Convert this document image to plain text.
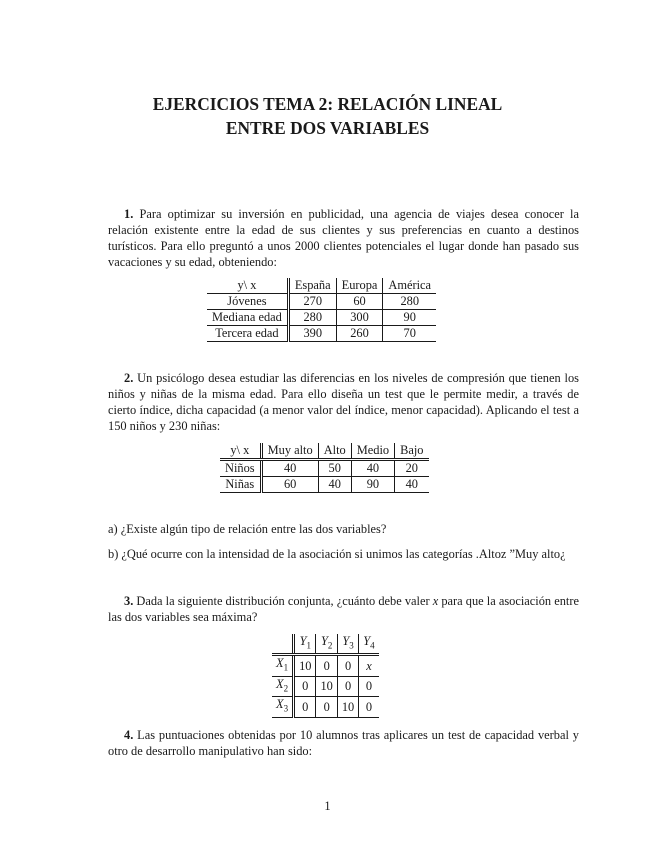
EJERCICIOS TEMA 2: RELACIÓN LINEAL
ENTRE DOS VARIABLES
1. Para optimizar su inversión en publicidad, una agencia de viajes desea conocer la relación existente entre la edad de sus clientes y sus preferencias en cuanto a destinos turísticos. Para ello preguntó a unos 2000 clientes potenciales el lugar donde han pasado sus vacaciones y su edad, obteniendo:
y\ x	España	Europa	América
Jóvenes	270	60	280
Mediana edad	280	300	90
Tercera edad	390	260	70
2. Un psicólogo desea estudiar las diferencias en los niveles de compresión que tienen los niños y niñas de la misma edad. Para ello diseña un test que le permite medir, a través de cierto índice, dicha capacidad (a menor valor del índice, menor capacidad). Aplicando el test a 150 niños y 230 niñas:
y\ x	Muy alto	Alto	Medio	Bajo
Niños	40	50	40	20
Niñas	60	40	90	40
a) ¿Existe algún tipo de relación entre las dos variables?
b) ¿Qué ocurre con la intensidad de la asociación si unimos las categorías .Altoz ”Muy alto¿
3. Dada la siguiente distribución conjunta, ¿cuánto debe valer x para que la asociación entre las dos variables sea máxima?
	$Y_1$	$Y_2$	$Y_3$	$Y_4$
$X_1$	10	0	0	x
$X_2$	0	10	0	0
$X_3$	0	0	10	0
4. Las puntuaciones obtenidas por 10 alumnos tras aplicares un test de capacidad verbal y otro de desarrollo manipulativo han sido:
1
